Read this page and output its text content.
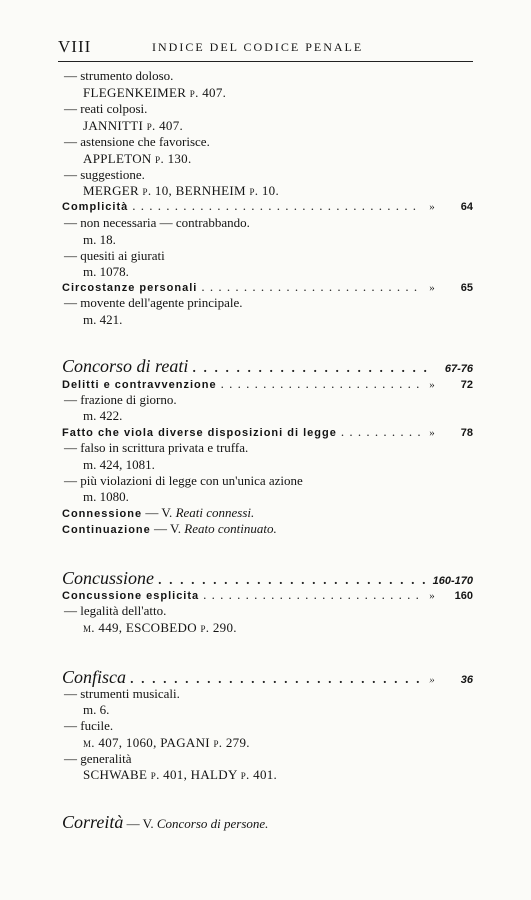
VIII	INDICE DEL CODICE PENALE
— strumento doloso.
FLEGENKEIMER p. 407.
— reati colposi.
JANNITTI p. 407.
— astensione che favorisce.
APPLETON p. 130.
— suggestione.
MERGER p. 10, BERNHEIM p. 10.
Complicità . . .	»	64
— non necessaria — contrabbando.
m. 18.
— quesiti ai giurati
m. 1078.
Circostanze personali . . .	»	65
— movente dell'agente principale.
m. 421.
Concorso di reati . . .	67-76
Delitti e contravvenzione . . .	»	72
— frazione di giorno.
m. 422.
Fatto che viola diverse disposizioni di legge . . .	»	78
— falso in scrittura privata e truffa.
m. 424, 1081.
— più violazioni di legge con un'unica azione
m. 1080.
Connessione — V. Reati connessi.
Continuazione — V. Reato continuato.
Concussione . . .	160-170
Concussione esplicita . . .	»	160
— legalità dell'atto.
m. 449, ESCOBEDO p. 290.
Confisca . . .	»	36
— strumenti musicali.
m. 6.
— fucile.
m. 407, 1060, PAGANI p. 279.
— generalità
SCHWABE p. 401, HALDY p. 401.
Correità — V. Concorso di persone.
